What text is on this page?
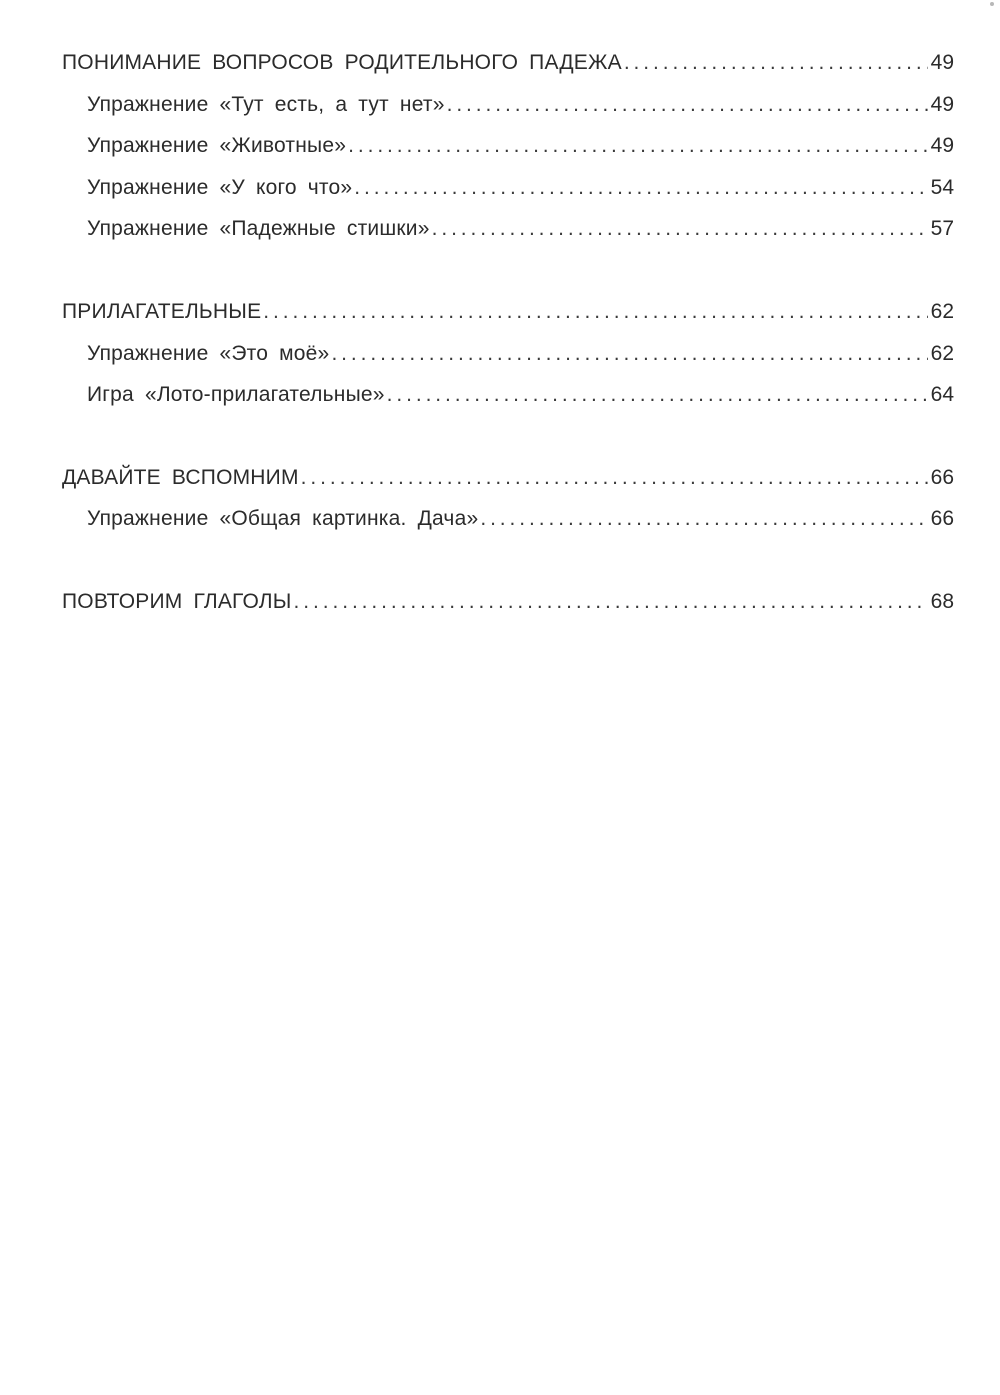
ПОНИМАНИЕ ВОПРОСОВ РОДИТЕЛЬНОГО ПАДЕЖА .....	49
Упражнение «Тут есть, а тут нет» .....	49
Упражнение «Животные» .....	49
Упражнение «У кого что» .....	54
Упражнение «Падежные стишки» .....	57
ПРИЛАГАТЕЛЬНЫЕ .....	62
Упражнение «Это моё» .....	62
Игра «Лото-прилагательные» .....	64
ДАВАЙТЕ ВСПОМНИМ .....	66
Упражнение «Общая картинка. Дача» .....	66
ПОВТОРИМ ГЛАГОЛЫ .....	68
